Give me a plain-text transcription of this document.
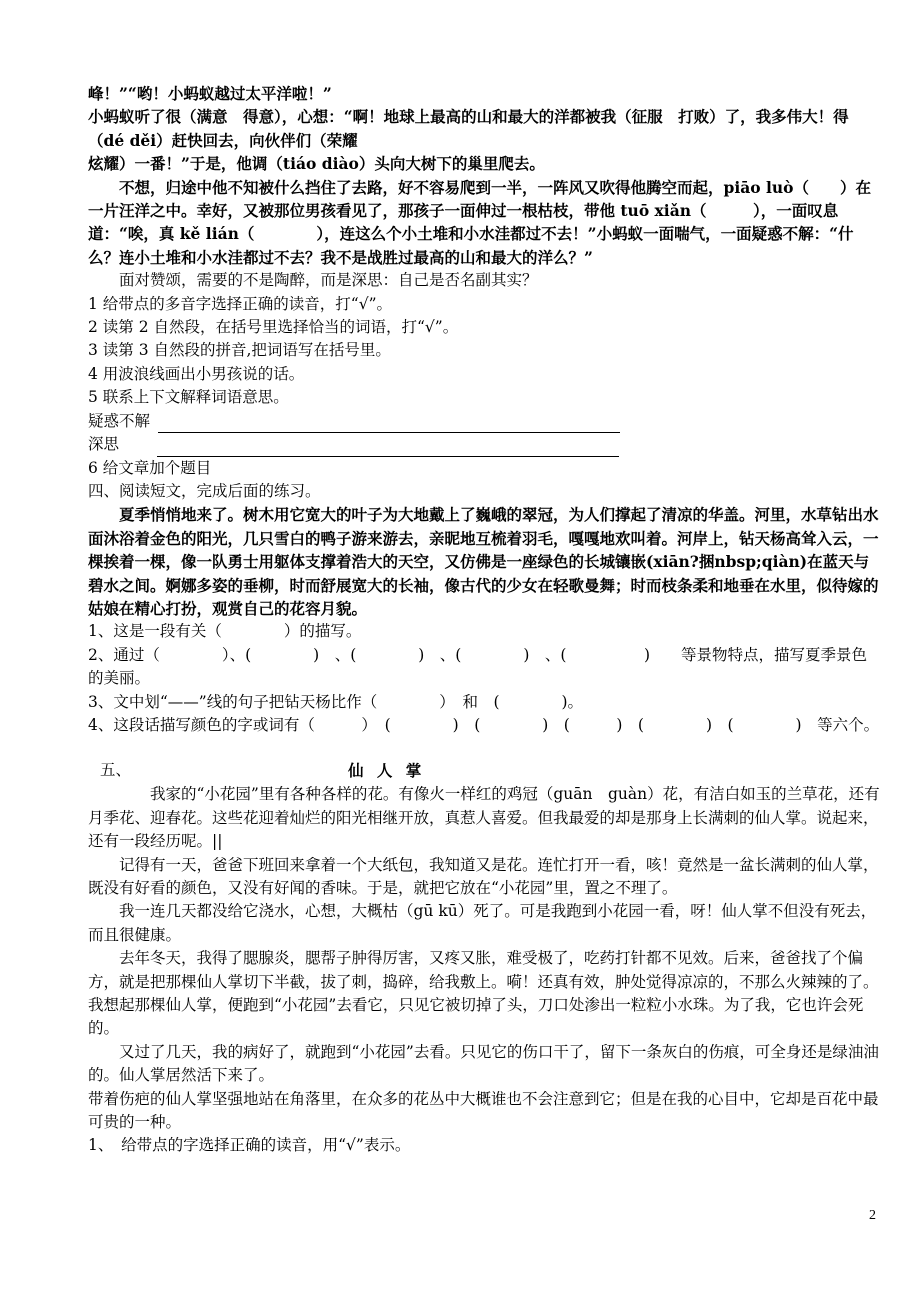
峰！”“哟！小蚂蚁越过太平洋啦！”

小蚂蚁听了很（满意　得意），心想：“啊！地球上最高的山和最大的洋都被我（征服　打败）了，我多伟大！得（dé děi）赶快回去，向伙伴们（荣耀

炫耀）一番！”于是，他调（tiáo diào）头向大树下的巢里爬去。

不想，归途中他不知被什么挡住了去路，好不容易爬到一半，一阵风又吹得他腾空而起，piāo luò（　　）在一片汪洋之中。幸好，又被那位男孩看见了，那孩子一面伸过一根枯枝，带他 tuō xiǎn（　　　），一面叹息道：“唉，真 kě lián（　　　　），连这么个小土堆和小水洼都过不去！”小蚂蚁一面喘气，一面疑惑不解：“什么？连小土堆和小水洼都过不去？我不是战胜过最高的山和最大的洋么？”

面对赞颂，需要的不是陶醉，而是深思：自己是否名副其实？

1 给带点的多音字选择正确的读音，打“√”。

2 读第 2 自然段，在括号里选择恰当的词语，打“√”。

3 读第 3 自然段的拼音,把词语写在括号里。

4 用波浪线画出小男孩说的话。

5 联系上下文解释词语意思。

疑惑不解

深思

6 给文章加个题目

四、阅读短文，完成后面的练习。

夏季悄悄地来了。树木用它宽大的叶子为大地戴上了巍峨的翠冠，为人们撑起了清凉的华盖。河里，水草钻出水面沐浴着金色的阳光，几只雪白的鸭子游来游去，亲昵地互梳着羽毛，嘎嘎地欢叫着。河岸上，钻天杨高耸入云，一棵挨着一棵，像一队勇士用躯体支撑着浩大的天空，又仿佛是一座绿色的长城镶嵌(xiān?捆nbsp;qiàn)在蓝天与碧水之间。婀娜多姿的垂柳，时而舒展宽大的长袖，像古代的少女在轻歌曼舞；时而枝条柔和地垂在水里，似待嫁的姑娘在精心打扮，观赏自己的花容月貌。

1、这是一段有关（　　　　）的描写。

2、通过（　　　　）、(　　　　)　、(　　　　)　、(　　　　)　、(　　　　　)　　等景物特点，描写夏季景色的美丽。

3、文中划“——”线的句子把钻天杨比作（　　　　）　和　(　　　　)。

4、这段话描写颜色的字或词有（　　　）　(　　　　)　(　　　　)　(　　　)　(　　　　)　(　　　　)　等六个。

五、	仙 人 掌

我家的“小花园”里有各种各样的花。有像火一样红的鸡冠（guān　guàn）花，有洁白如玉的兰草花，还有月季花、迎春花。这些花迎着灿烂的阳光相继开放，真惹人喜爱。但我最爱的却是那身上长满刺的仙人掌。说起来，还有一段经历呢。||

记得有一天，爸爸下班回来拿着一个大纸包，我知道又是花。连忙打开一看，咳！竟然是一盆长满刺的仙人掌，既没有好看的颜色，又没有好闻的香味。于是，就把它放在“小花园”里，置之不理了。

我一连几天都没给它浇水，心想，大概枯（gū kū）死了。可是我跑到小花园一看，呀！仙人掌不但没有死去，而且很健康。

去年冬天，我得了腮腺炎，腮帮子肿得厉害，又疼又胀，难受极了，吃药打针都不见效。后来，爸爸找了个偏方，就是把那棵仙人掌切下半截，拔了刺，捣碎，给我敷上。嗬！还真有效，肿处觉得凉凉的，不那么火辣辣的了。我想起那棵仙人掌，便跑到“小花园”去看它，只见它被切掉了头，刀口处渗出一粒粒小水珠。为了我，它也许会死的。

又过了几天，我的病好了，就跑到“小花园”去看。只见它的伤口干了，留下一条灰白的伤痕，可全身还是绿油油的。仙人掌居然活下来了。

带着伤疤的仙人掌坚强地站在角落里，在众多的花丛中大概谁也不会注意到它；但是在我的心目中，它却是百花中最可贵的一种。

1、　给带点的字选择正确的读音，用“√”表示。

2
